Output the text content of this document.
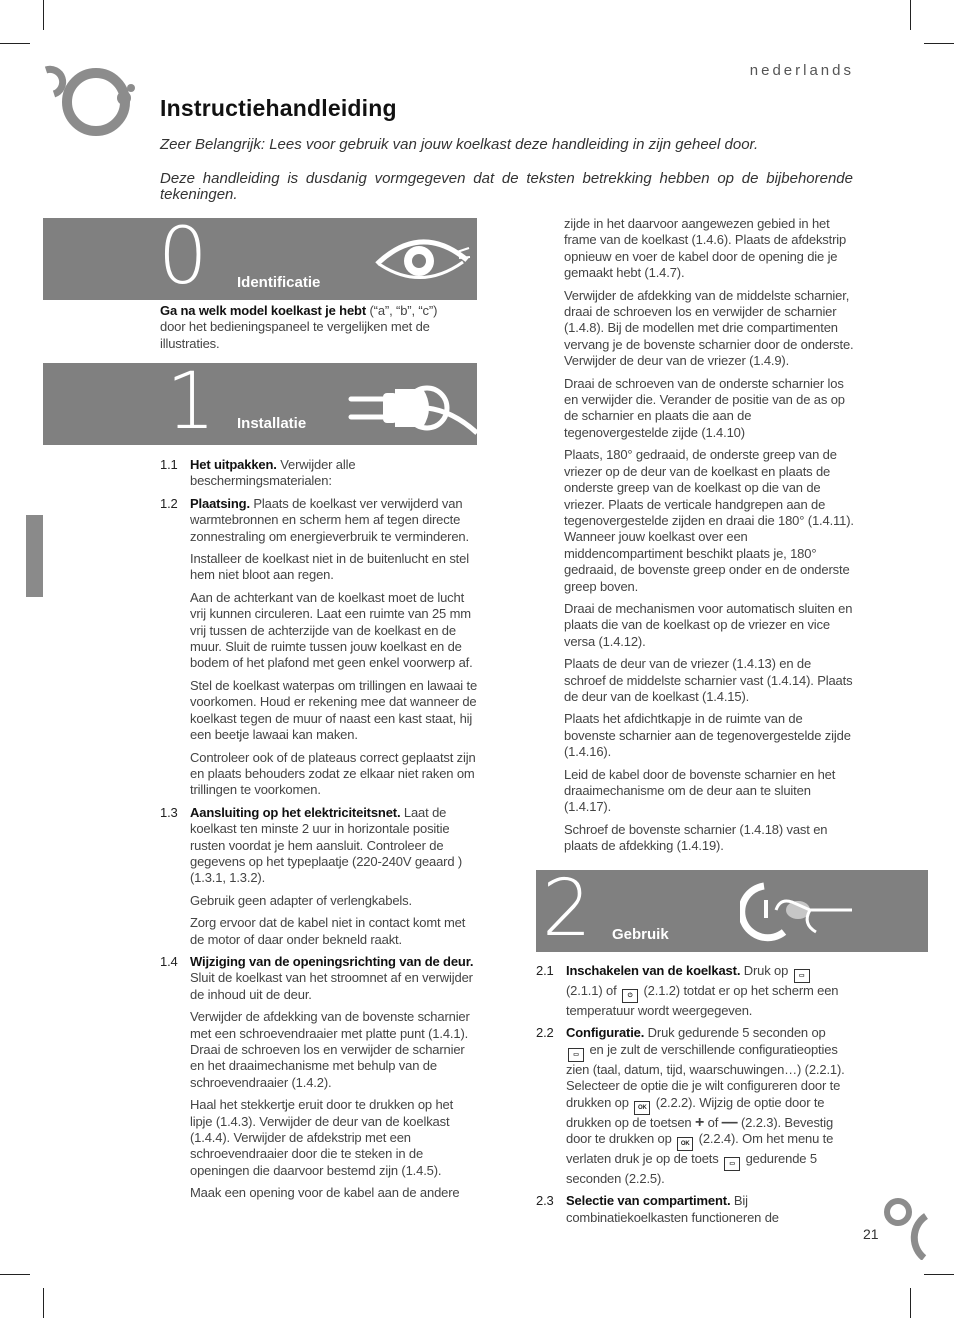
nederlands
Instructiehandleiding

Zeer Belangrijk: Lees voor gebruik van jouw koelkast deze handleiding in zijn geheel door.

Deze handleiding is dusdanig vormgegeven dat de teksten betrekking hebben op de bijbehorende tekeningen.

0 Identificatie

Ga na welk model koelkast je hebt (“a”, “b”, “c”)
door het bedieningspaneel te vergelijken met de illustraties.

1 Installatie
1.1 Het uitpakken. Verwijder alle beschermingsmaterialen:
1.2 Plaatsing. Plaats de koelkast ver verwijderd van warmtebronnen en scherm hem af tegen directe zonnestraling om energieverbruik te verminderen.

Installeer de koelkast niet in de buitenlucht en stel hem niet bloot aan regen.

Aan de achterkant van de koelkast moet de lucht vrij kunnen circuleren. Laat een ruimte van 25 mm vrij tussen de achterzijde van de koelkast en de muur. Sluit de ruimte tussen jouw koelkast en de bodem of het plafond met geen enkel voorwerp af.

Stel de koelkast waterpas om trillingen en lawaai te voorkomen. Houd er rekening mee dat wanneer de koelkast tegen de muur of naast een kast staat, hij een beetje lawaai kan maken.

Controleer ook of de plateaus correct geplaatst zijn en plaats behouders zodat ze elkaar niet raken om trillingen te voorkomen.

1.3 Aansluiting op het elektriciteitsnet. Laat de koelkast ten minste 2 uur in horizontale positie rusten voordat je hem aansluit. Controleer de gegevens op het typeplaatje (220-240V geaard ) (1.3.1, 1.3.2).

Gebruik geen adapter of verlengkabels.

Zorg ervoor dat de kabel niet in contact komt met de motor of daar onder bekneld raakt.

1.4 Wijziging van de openingsrichting van de deur. Sluit de koelkast van het stroomnet af en verwijder de inhoud uit de deur.

Verwijder de afdekking van de bovenste scharnier met een schroevendraaier met platte punt (1.4.1). Draai de schroeven los en verwijder de scharnier en het draaimechanisme met behulp van de schroevendraaier (1.4.2).

Haal het stekkertje eruit door te drukken op het lipje (1.4.3). Verwijder de deur van de koelkast (1.4.4). Verwijder de afdekstrip met een schroevendraaier door die te steken in de openingen die daarvoor bestemd zijn (1.4.5).

Maak een opening voor de kabel aan de andere

zijde in het daarvoor aangewezen gebied in het frame van de koelkast (1.4.6). Plaats de afdekstrip opnieuw en voer de kabel door de opening die je gemaakt hebt (1.4.7).

Verwijder de afdekking van de middelste scharnier, draai de schroeven los en verwijder de scharnier (1.4.8). Bij de modellen met drie compartimenten vervang je de bovenste scharnier door de onderste. Verwijder de deur van de vriezer (1.4.9).

Draai de schroeven van de onderste scharnier los en verwijder die. Verander de positie van de as op de scharnier en plaats die aan de tegenovergestelde zijde (1.4.10)

Plaats, 180° gedraaid, de onderste greep van de vriezer op de deur van de koelkast en plaats de onderste greep van de koelkast op die van de vriezer. Plaats de verticale handgrepen aan de tegenovergestelde zijden en draai die 180° (1.4.11). Wanneer jouw koelkast over een middencompartiment beschikt plaats je, 180° gedraaid, de bovenste greep onder en de onderste greep boven.

Draai de mechanismen voor automatisch sluiten en plaats die van de koelkast op de vriezer en vice versa (1.4.12).

Plaats de deur van de vriezer (1.4.13) en de schroef de middelste scharnier vast (1.4.14). Plaats de deur van de koelkast (1.4.15).

Plaats het afdichtkapje in de ruimte van de bovenste scharnier aan de tegenovergestelde zijde (1.4.16).

Leid de kabel door de bovenste scharnier en het draaimechanisme om de deur aan te sluiten (1.4.17).

Schroef de bovenste scharnier (1.4.18) vast en plaats de afdekking (1.4.19).

2 Gebruik
2.1 Inschakelen van de koelkast. Druk op ▭
(2.1.1) of ⏻ (2.1.2) totdat er op het scherm een temperatuur wordt weergegeven.
2.2 Configuratie. Druk gedurende 5 seconden op
▭ en je zult de verschillende configuratieopties zien (taal, datum, tijd, waarschuwingen…) (2.2.1). Selecteer de optie die je wilt configureren door te drukken op OK (2.2.2). Wijzig de optie door te drukken op de toetsen + of — (2.2.3). Bevestig door te drukken op OK (2.2.4). Om het menu te verlaten druk je op de toets ▭ gedurende 5 seconden (2.2.5).
2.3 Selectie van compartiment. Bij combinatiekoelkasten functioneren de
21
